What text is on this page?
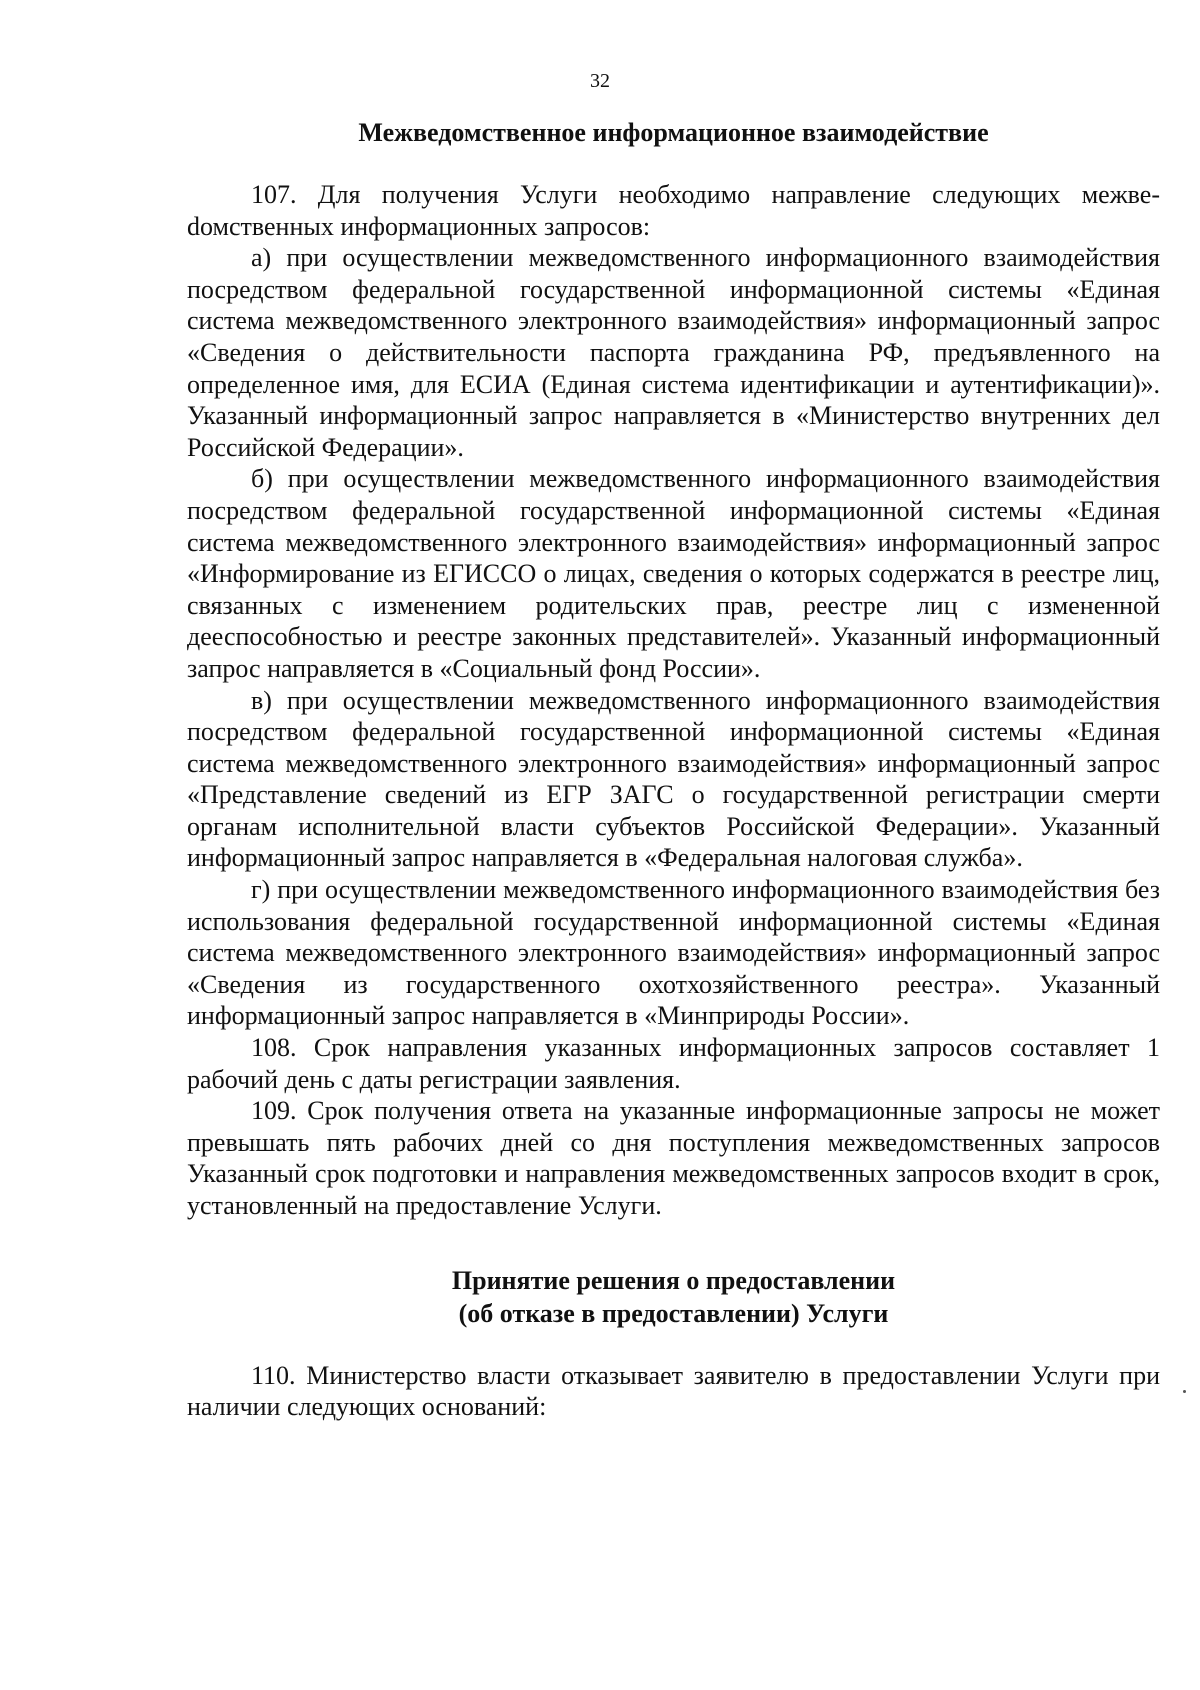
32

Межведомственное информационное взаимодействие

107. Для получения Услуги необходимо направление следующих межвеdомственных информационных запросов:

а) при осуществлении межведомственного информационного взаимодействия посредством федеральной государственной информационной системы «Единая система межведомственного электронного взаимодействия» информационный запрос «Сведения о действительности паспорта гражданина РФ, предъявленного на определенное имя, для ЕСИА (Единая система идентификации и аутентификации)». Указанный информационный запрос направляется в «Министерство внутренних дел Российской Федерации».

б) при осуществлении межведомственного информационного взаимодействия посредством федеральной государственной информационной системы «Единая система межведомственного электронного взаимодействия» информационный запрос «Информирование из ЕГИССО о лицах, сведения о которых содержатся в реестре лиц, связанных с изменением родительских прав, реестре лиц с измененной дееспособностью и реестре законных представителей». Указанный информационный запрос направляется в «Социальный фонд России».

в) при осуществлении межведомственного информационного взаимодействия посредством федеральной государственной информационной системы «Единая система межведомственного электронного взаимодействия» информационный запрос «Представление сведений из ЕГР ЗАГС о государственной регистрации смерти органам исполнительной власти субъектов Российской Федерации». Указанный информационный запрос направляется в «Федеральная налоговая служба».

г) при осуществлении межведомственного информационного взаимодействия без использования федеральной государственной информационной системы «Единая система межведомственного электронного взаимодействия» информационный запрос «Сведения из государственного охотхозяйственного реестра». Указанный информационный запрос направляется в «Минприроды России».

108. Срок направления указанных информационных запросов составляет 1 рабочий день с даты регистрации заявления.

109. Срок получения ответа на указанные информационные запросы не может превышать пять рабочих дней со дня поступления межведомственных запросов Указанный срок подготовки и направления межведомственных запросов входит в срок, установленный на предоставление Услуги.

Принятие решения о предоставлении
(об отказе в предоставлении) Услуги

110. Министерство власти отказывает заявителю в предоставлении Услуги при наличии следующих оснований:
